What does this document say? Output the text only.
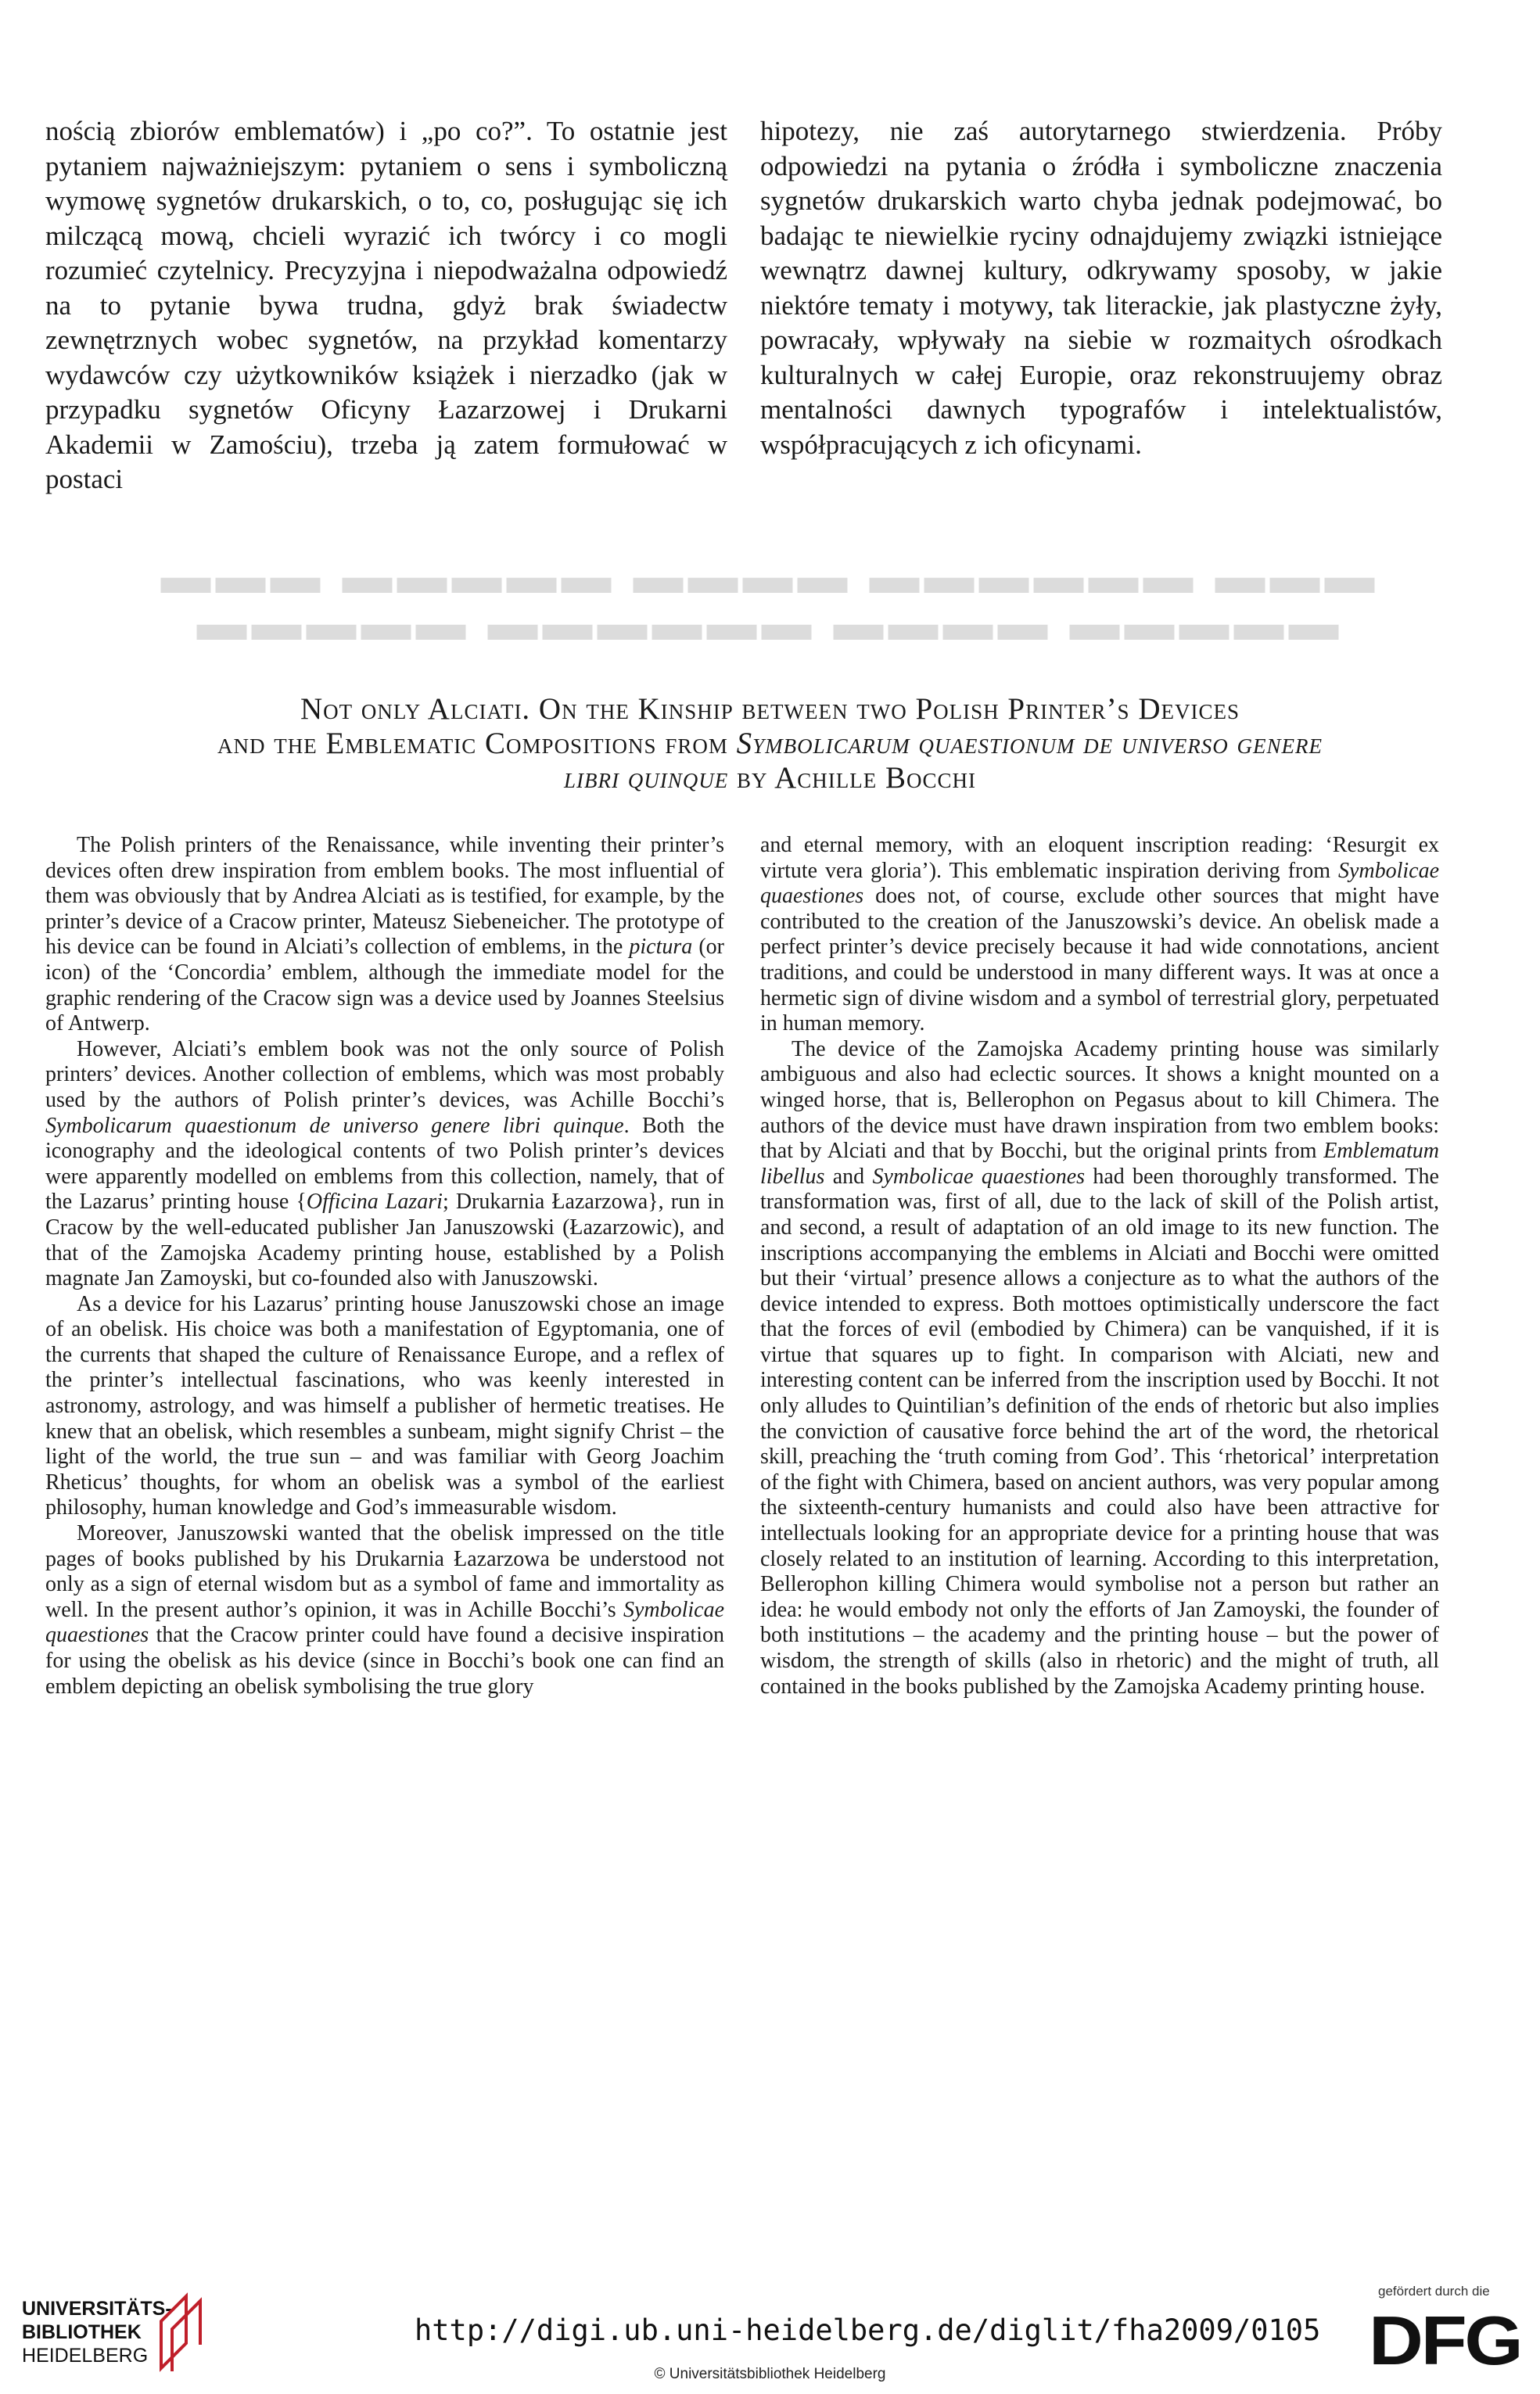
▬▬▬ ▬▬▬▬▬ ▬▬▬▬ ▬▬▬▬▬▬ ▬▬▬
▬▬▬▬▬ ▬▬▬▬▬▬ ▬▬▬▬ ▬▬▬▬▬

nością zbiorów emblematów) i „po co?”. To ostatnie jest pytaniem najważniejszym: pytaniem o sens i symboliczną wymowę sygnetów drukarskich, o to, co, posługując się ich milczącą mową, chcieli wyrazić ich twórcy i co mogli rozumieć czytelnicy. Precyzyjna i niepodważalna odpowiedź na to pytanie bywa trudna, gdyż brak świadectw zewnętrznych wobec sygnetów, na przykład komentarzy wydawców czy użytkowników książek i nierzadko (jak w przypadku sygnetów Oficyny Łazarzowej i Drukarni Akademii w Zamościu), trzeba ją zatem formułować w postaci

hipotezy, nie zaś autorytarnego stwierdzenia. Próby odpowiedzi na pytania o źródła i symboliczne znaczenia sygnetów drukarskich warto chyba jednak podejmować, bo badając te niewielkie ryciny odnajdujemy związki istniejące wewnątrz dawnej kultury, odkrywamy sposoby, w jakie niektóre tematy i motywy, tak literackie, jak plastyczne żyły, powracały, wpływały na siebie w rozmaitych ośrodkach kulturalnych w całej Europie, oraz rekonstruujemy obraz mentalności dawnych typografów i intelektualistów, współpracujących z ich oficynami.

Not only Alciati. On the Kinship between two Polish Printer’s Devices
and the Emblematic Compositions from Symbolicarum quaestionum de universo genere
libri quinque by Achille Bocchi

The Polish printers of the Renaissance, while inventing their printer’s devices often drew inspiration from emblem books. The most influential of them was obviously that by Andrea Alciati as is testified, for example, by the printer’s device of a Cracow printer, Mateusz Siebeneicher. The prototype of his device can be found in Alciati’s collection of emblems, in the pictura (or icon) of the ‘Concordia’ emblem, although the immediate model for the graphic rendering of the Cracow sign was a device used by Joannes Steelsius of Antwerp.

However, Alciati’s emblem book was not the only source of Polish printers’ devices. Another collection of emblems, which was most probably used by the authors of Polish printer’s devices, was Achille Bocchi’s Symbolicarum quaestionum de universo genere libri quinque. Both the iconography and the ideological contents of two Polish printer’s devices were apparently modelled on emblems from this collection, namely, that of the Lazarus’ printing house {Officina Lazari; Drukarnia Łazarzowa}, run in Cracow by the well-educated publisher Jan Januszowski (Łazarzowic), and that of the Zamojska Academy printing house, established by a Polish magnate Jan Zamoyski, but co-founded also with Januszowski.

As a device for his Lazarus’ printing house Januszowski chose an image of an obelisk. His choice was both a manifestation of Egyptomania, one of the currents that shaped the culture of Renaissance Europe, and a reflex of the printer’s intellectual fascinations, who was keenly interested in astronomy, astrology, and was himself a publisher of hermetic treatises. He knew that an obelisk, which resembles a sunbeam, might signify Christ – the light of the world, the true sun – and was familiar with Georg Joachim Rheticus’ thoughts, for whom an obelisk was a symbol of the earliest philosophy, human knowledge and God’s immeasurable wisdom.

Moreover, Januszowski wanted that the obelisk impressed on the title pages of books published by his Drukarnia Łazarzowa be understood not only as a sign of eternal wisdom but as a symbol of fame and immortality as well. In the present author’s opinion, it was in Achille Bocchi’s Symbolicae quaestiones that the Cracow printer could have found a decisive inspiration for using the obelisk as his device (since in Bocchi’s book one can find an emblem depicting an obelisk symbolising the true glory

and eternal memory, with an eloquent inscription reading: ‘Resurgit ex virtute vera gloria’). This emblematic inspiration deriving from Symbolicae quaestiones does not, of course, exclude other sources that might have contributed to the creation of the Januszowski’s device. An obelisk made a perfect printer’s device precisely because it had wide connotations, ancient traditions, and could be understood in many different ways. It was at once a hermetic sign of divine wisdom and a symbol of terrestrial glory, perpetuated in human memory.

The device of the Zamojska Academy printing house was similarly ambiguous and also had eclectic sources. It shows a knight mounted on a winged horse, that is, Bellerophon on Pegasus about to kill Chimera. The authors of the device must have drawn inspiration from two emblem books: that by Alciati and that by Bocchi, but the original prints from Emblematum libellus and Symbolicae quaestiones had been thoroughly transformed. The transformation was, first of all, due to the lack of skill of the Polish artist, and second, a result of adaptation of an old image to its new function. The inscriptions accompanying the emblems in Alciati and Bocchi were omitted but their ‘virtual’ presence allows a conjecture as to what the authors of the device intended to express. Both mottoes optimistically underscore the fact that the forces of evil (embodied by Chimera) can be vanquished, if it is virtue that squares up to fight. In comparison with Alciati, new and interesting content can be inferred from the inscription used by Bocchi. It not only alludes to Quintilian’s definition of the ends of rhetoric but also implies the conviction of causative force behind the art of the word, the rhetorical skill, preaching the ‘truth coming from God’. This ‘rhetorical’ interpretation of the fight with Chimera, based on ancient authors, was very popular among the sixteenth-century humanists and could also have been attractive for intellectuals looking for an appropriate device for a printing house that was closely related to an institution of learning. According to this interpretation, Bellerophon killing Chimera would symbolise not a person but rather an idea: he would embody not only the efforts of Jan Zamoyski, the founder of both institutions – the academy and the printing house – but the power of wisdom, the strength of skills (also in rhetoric) and the might of truth, all contained in the books published by the Zamojska Academy printing house.

UNIVERSITÄTS-
BIBLIOTHEK
HEIDELBERG
http://digi.ub.uni-heidelberg.de/diglit/fha2009/0105
© Universitätsbibliothek Heidelberg
gefördert durch die
DFG
